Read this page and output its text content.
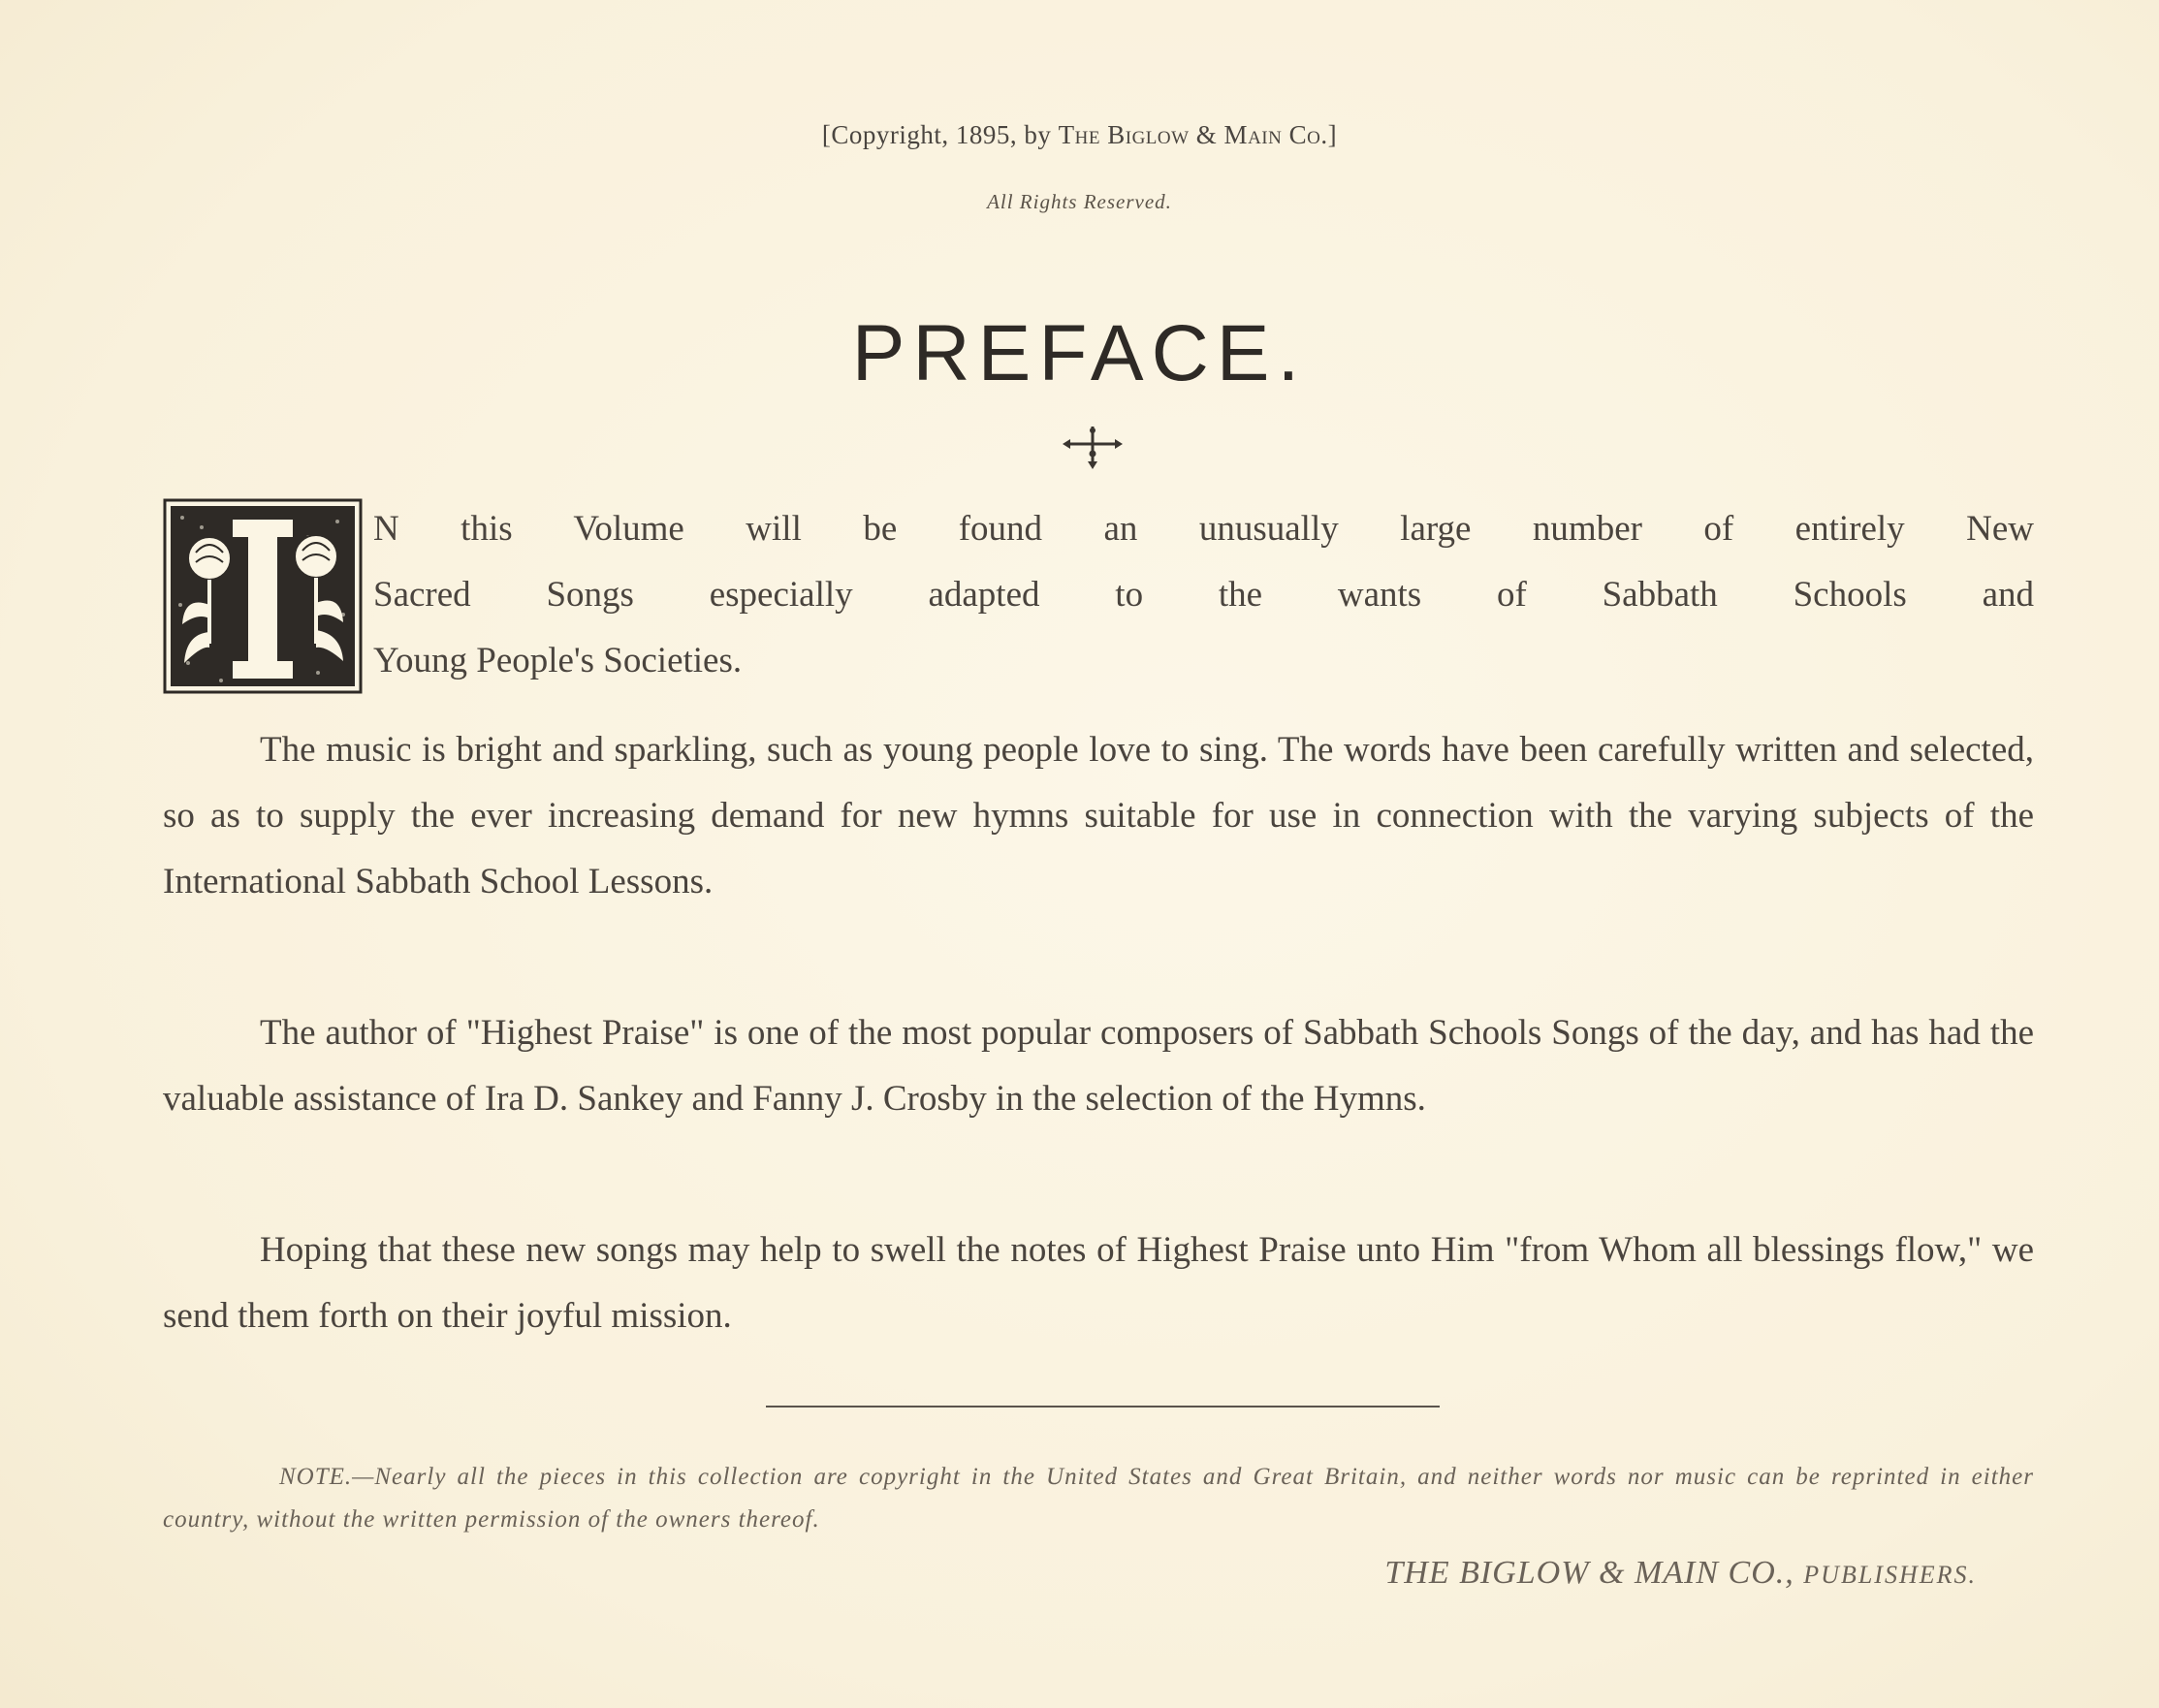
[Copyright, 1895, by The Biglow & Main Co.]
All Rights Reserved.
PREFACE.
I
N this Volume will be found an unusually large number of entirely New
Sacred Songs especially adapted to the wants of Sabbath Schools and
Young People's Societies.
The music is bright and sparkling, such as young people love to sing. The words have been carefully written and selected, so as to supply the ever increasing demand for new hymns suitable for use in connection with the varying subjects of the International Sabbath School Lessons.
The author of "Highest Praise" is one of the most popular composers of Sabbath Schools Songs of the day, and has had the valuable assistance of Ira D. Sankey and Fanny J. Crosby in the selection of the Hymns.
Hoping that these new songs may help to swell the notes of Highest Praise unto Him "from Whom all blessings flow," we send them forth on their joyful mission.
NOTE.—Nearly all the pieces in this collection are copyright in the United States and Great Britain, and neither words nor music can be reprinted in either country, without the written permission of the owners thereof.
THE BIGLOW & MAIN CO., PUBLISHERS.
